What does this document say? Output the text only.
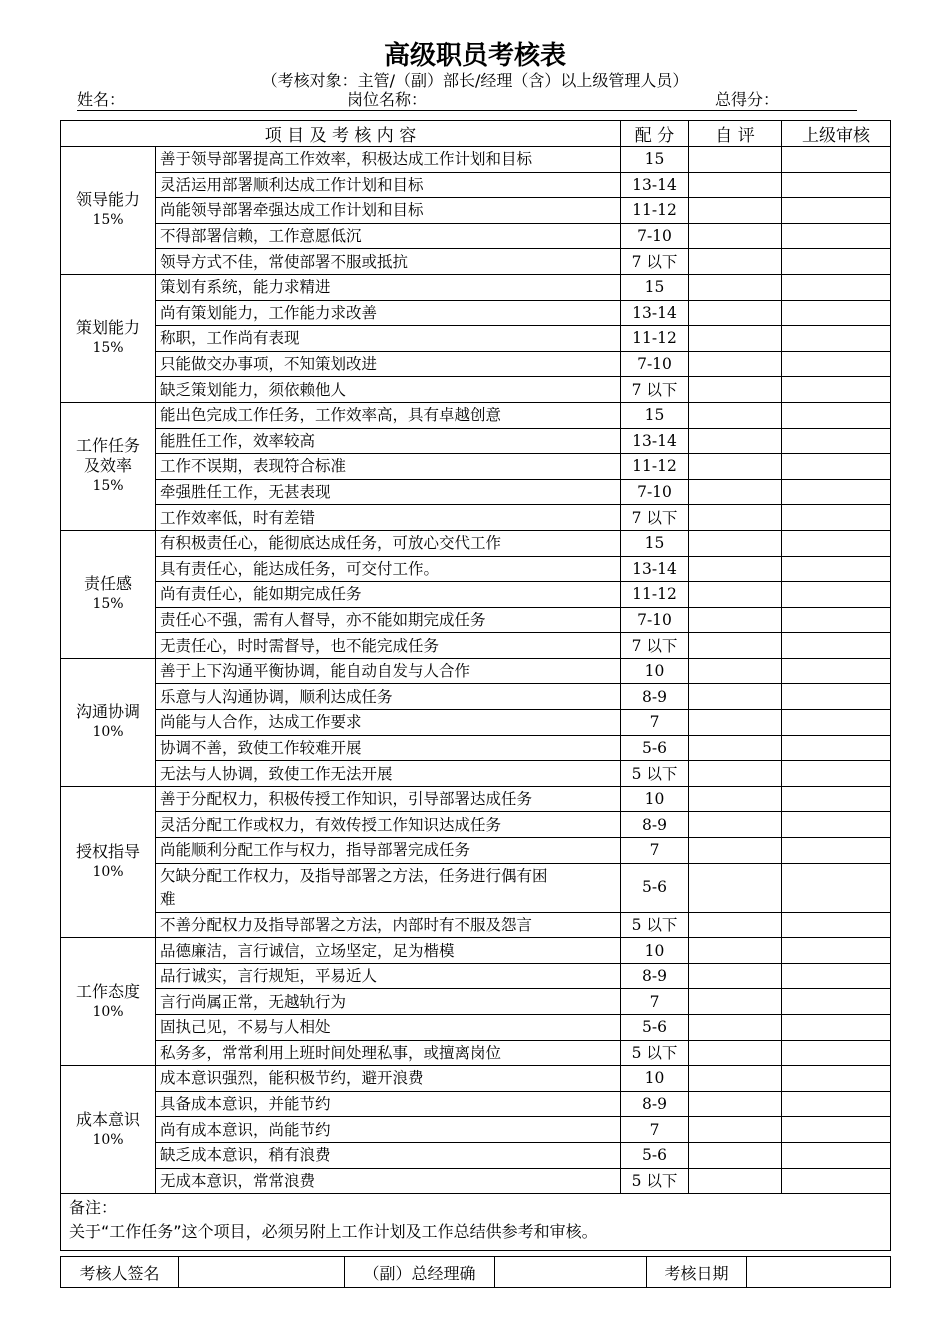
高级职员考核表
（考核对象：主管/（副）部长/经理（含）以上级管理人员）
姓名：	岗位名称：	总得分：
项 目 及 考 核 内 容		配 分	自 评	上级审核

领导能力
15%	善于领导部署提高工作效率，积极达成工作计划和目标	15		

	灵活运用部署顺利达成工作计划和目标	13-14		

	尚能领导部署牵强达成工作计划和目标	11-12		

	不得部署信赖，工作意愿低沉	7-10		

	领导方式不佳，常使部署不服或抵抗	7 以下		

策划能力
15%	策划有系统，能力求精进	15		

	尚有策划能力，工作能力求改善	13-14		

	称职，工作尚有表现	11-12		

	只能做交办事项，不知策划改进	7-10		

	缺乏策划能力，须依赖他人	7 以下		

工作任务
及效率
15%	能出色完成工作任务，工作效率高，具有卓越创意	15		

	能胜任工作，效率较高	13-14		

	工作不误期，表现符合标准	11-12		

	牵强胜任工作，无甚表现	7-10		

	工作效率低，时有差错	7 以下		

责任感
15%	有积极责任心，能彻底达成任务，可放心交代工作	15		

	具有责任心，能达成任务，可交付工作。	13-14		

	尚有责任心，能如期完成任务	11-12		

	责任心不强，需有人督导，亦不能如期完成任务	7-10		

	无责任心，时时需督导，也不能完成任务	7 以下		

沟通协调
10%	善于上下沟通平衡协调，能自动自发与人合作	10		

	乐意与人沟通协调，顺利达成任务	8-9		

	尚能与人合作，达成工作要求	7		

	协调不善，致使工作较难开展	5-6		

	无法与人协调，致使工作无法开展	5 以下		

授权指导
10%	善于分配权力，积极传授工作知识，引导部署达成任务	10		

	灵活分配工作或权力，有效传授工作知识达成任务	8-9		

	尚能顺利分配工作与权力，指导部署完成任务	7		

	欠缺分配工作权力，及指导部署之方法，任务进行偶有困
难	5-6		

	不善分配权力及指导部署之方法，内部时有不服及怨言	5 以下		

工作态度
10%	品德廉洁，言行诚信，立场坚定，足为楷模	10		

	品行诚实，言行规矩，平易近人	8-9		

	言行尚属正常，无越轨行为	7		

	固执己见，不易与人相处	5-6		

	私务多，常常利用上班时间处理私事，或擅离岗位	5 以下		

成本意识
10%	成本意识强烈，能积极节约，避开浪费	10		

	具备成本意识，并能节约	8-9		

	尚有成本意识，尚能节约	7		

	缺乏成本意识，稍有浪费	5-6		

	无成本意识，常常浪费	5 以下		

备注：
关于“工作任务”这个项目，必须另附上工作计划及工作总结供参考和审核。				
考核人签名		（副）总经理确		考核日期	
